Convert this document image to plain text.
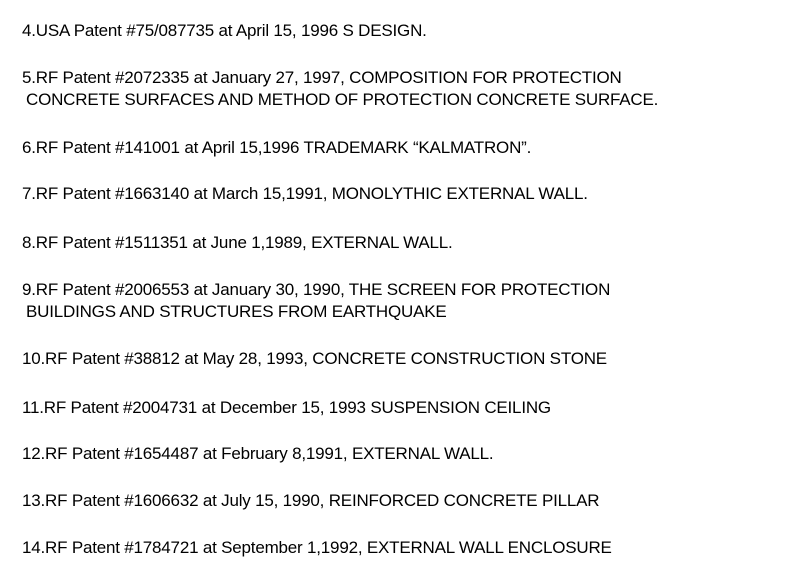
4.USA Patent #75/087735 at April 15, 1996 S DESIGN.
5.RF Patent #2072335 at January 27, 1997, COMPOSITION FOR PROTECTION
CONCRETE SURFACES AND METHOD OF PROTECTION CONCRETE SURFACE.
6.RF Patent #141001 at April 15,1996 TRADEMARK “KALMATRON”.
7.RF Patent #1663140 at March 15,1991, MONOLYTHIC EXTERNAL WALL.
8.RF Patent #1511351 at June 1,1989, EXTERNAL WALL.
9.RF Patent #2006553 at January 30, 1990, THE SCREEN FOR PROTECTION
BUILDINGS AND STRUCTURES FROM EARTHQUAKE
10.RF Patent #38812 at May 28, 1993, CONCRETE CONSTRUCTION STONE
11.RF Patent #2004731 at December 15, 1993 SUSPENSION CEILING
12.RF Patent #1654487 at February 8,1991, EXTERNAL WALL.
13.RF Patent #1606632 at July 15, 1990, REINFORCED CONCRETE PILLAR
14.RF Patent #1784721 at September 1,1992, EXTERNAL WALL ENCLOSURE
